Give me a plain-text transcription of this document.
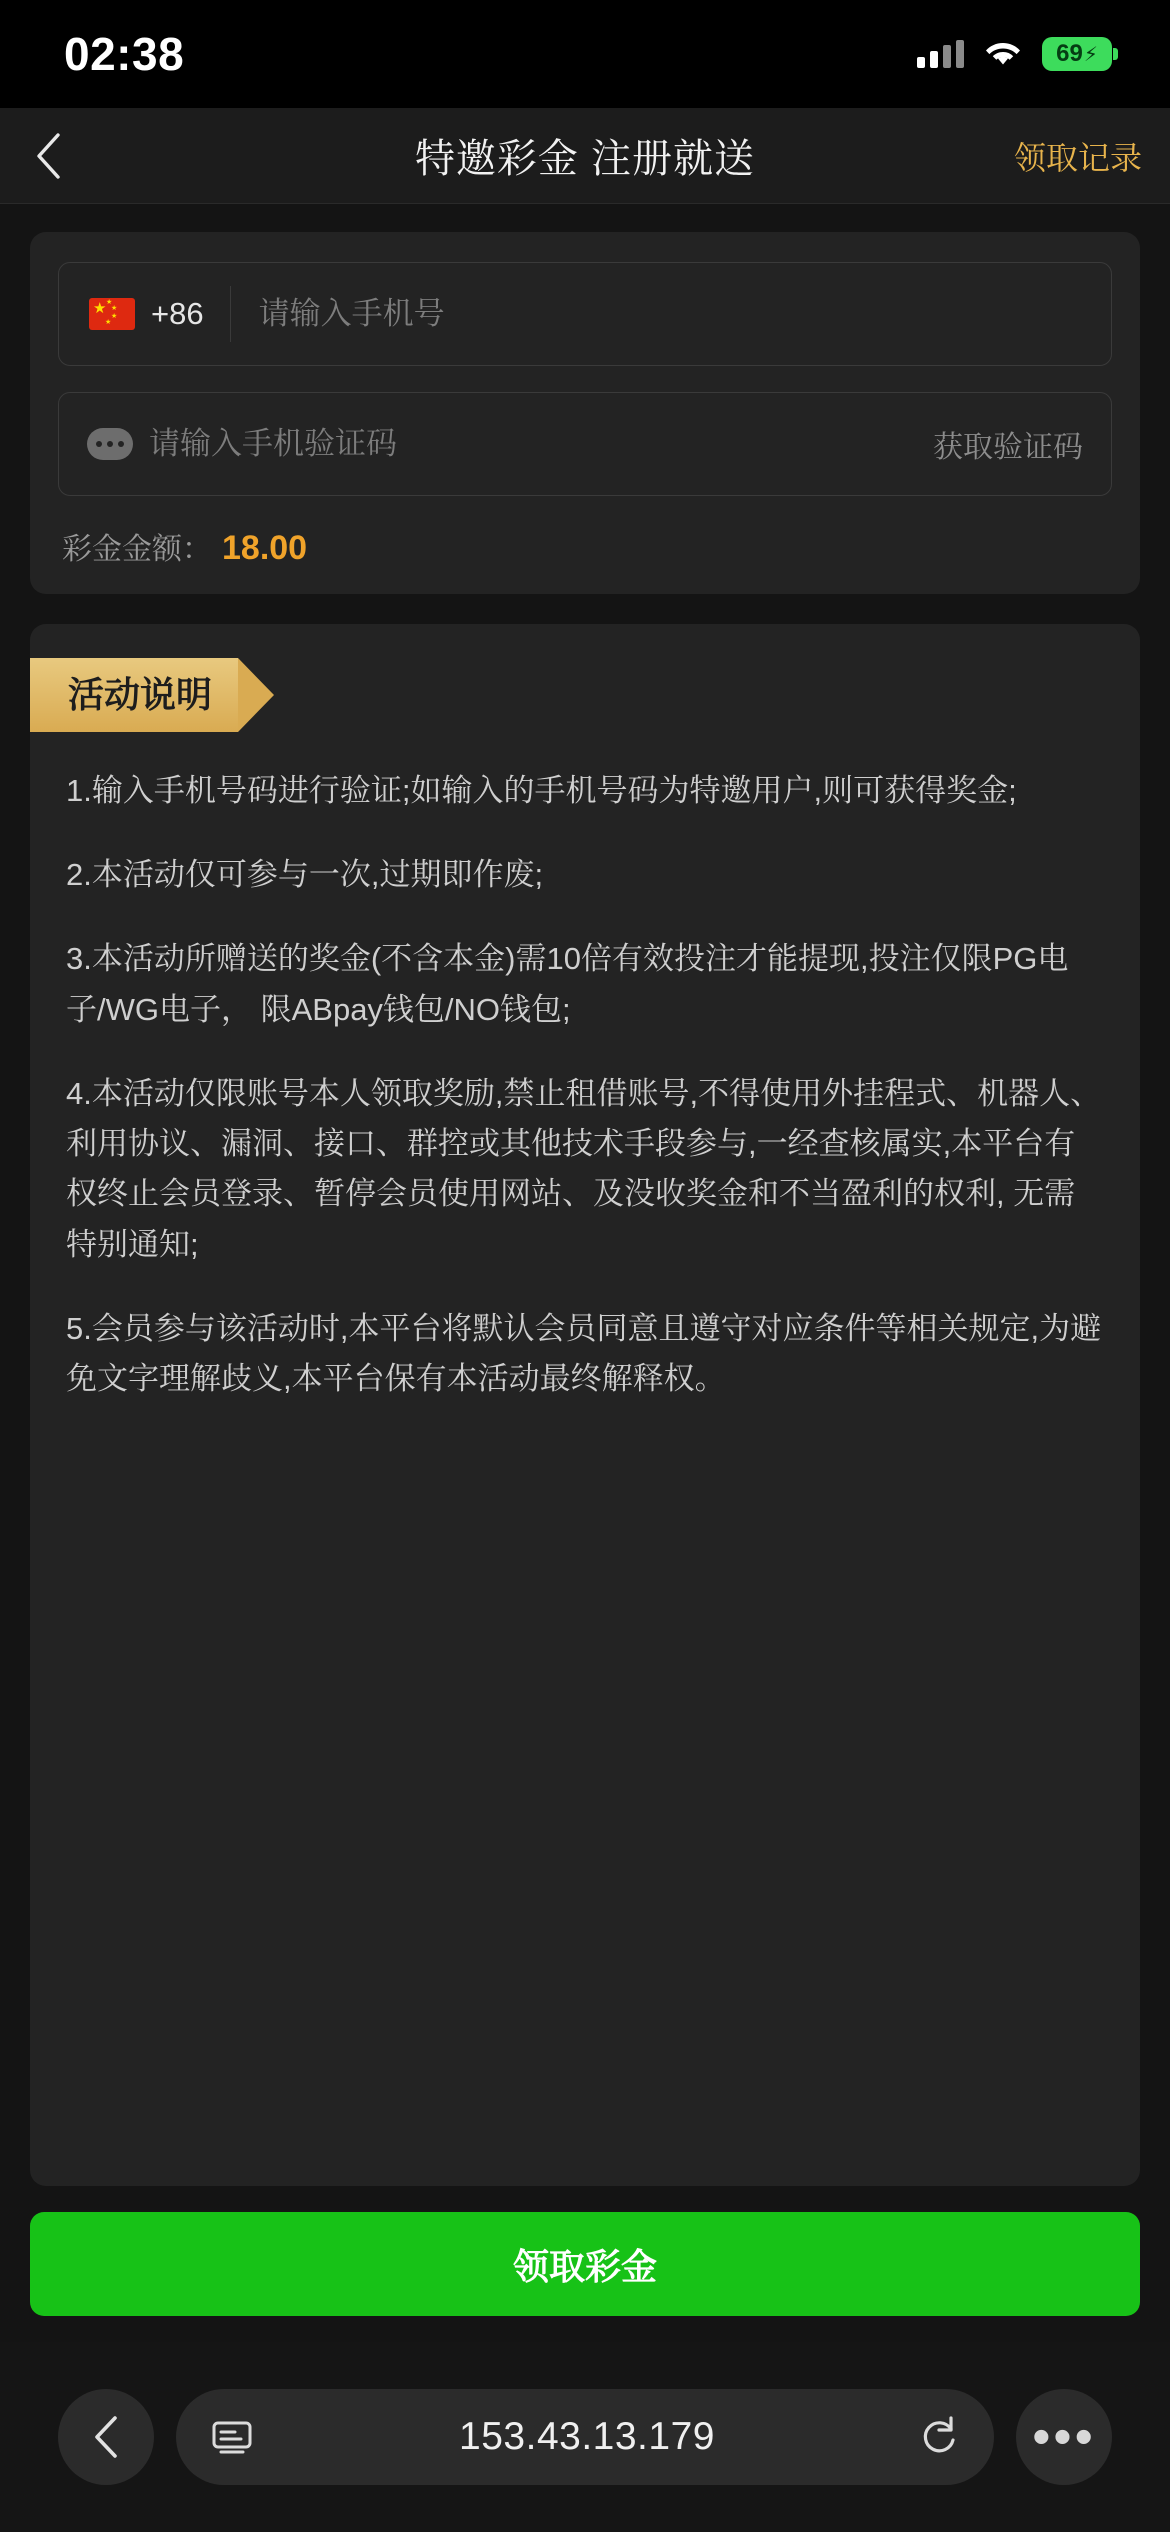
02:38	69 ⚡
特邀彩金 注册就送	领取记录
★ ★
★
★
★ +86
请输入手机号
请输入手机验证码
获取验证码
彩金金额： 18.00
活动说明

1.输入手机号码进行验证;如输入的手机号码为特邀用户,则可获得奖金;

2.本活动仅可参与一次,过期即作废;

3.本活动所赠送的奖金(不含本金)需10倍有效投注才能提现,投注仅限PG电子/WG电子， 限ABpay钱包/NO钱包;

4.本活动仅限账号本人领取奖励,禁止租借账号,不得使用外挂程式、机器人、利用协议、漏洞、接口、群控或其他技术手段参与,一经查核属实,本平台有权终止会员登录、暂停会员使用网站、及没收奖金和不当盈利的权利, 无需特别通知;

5.会员参与该活动时,本平台将默认会员同意且遵守对应条件等相关规定,为避免文字理解歧义,本平台保有本活动最终解释权。

领取彩金
153.43.13.179	•••
